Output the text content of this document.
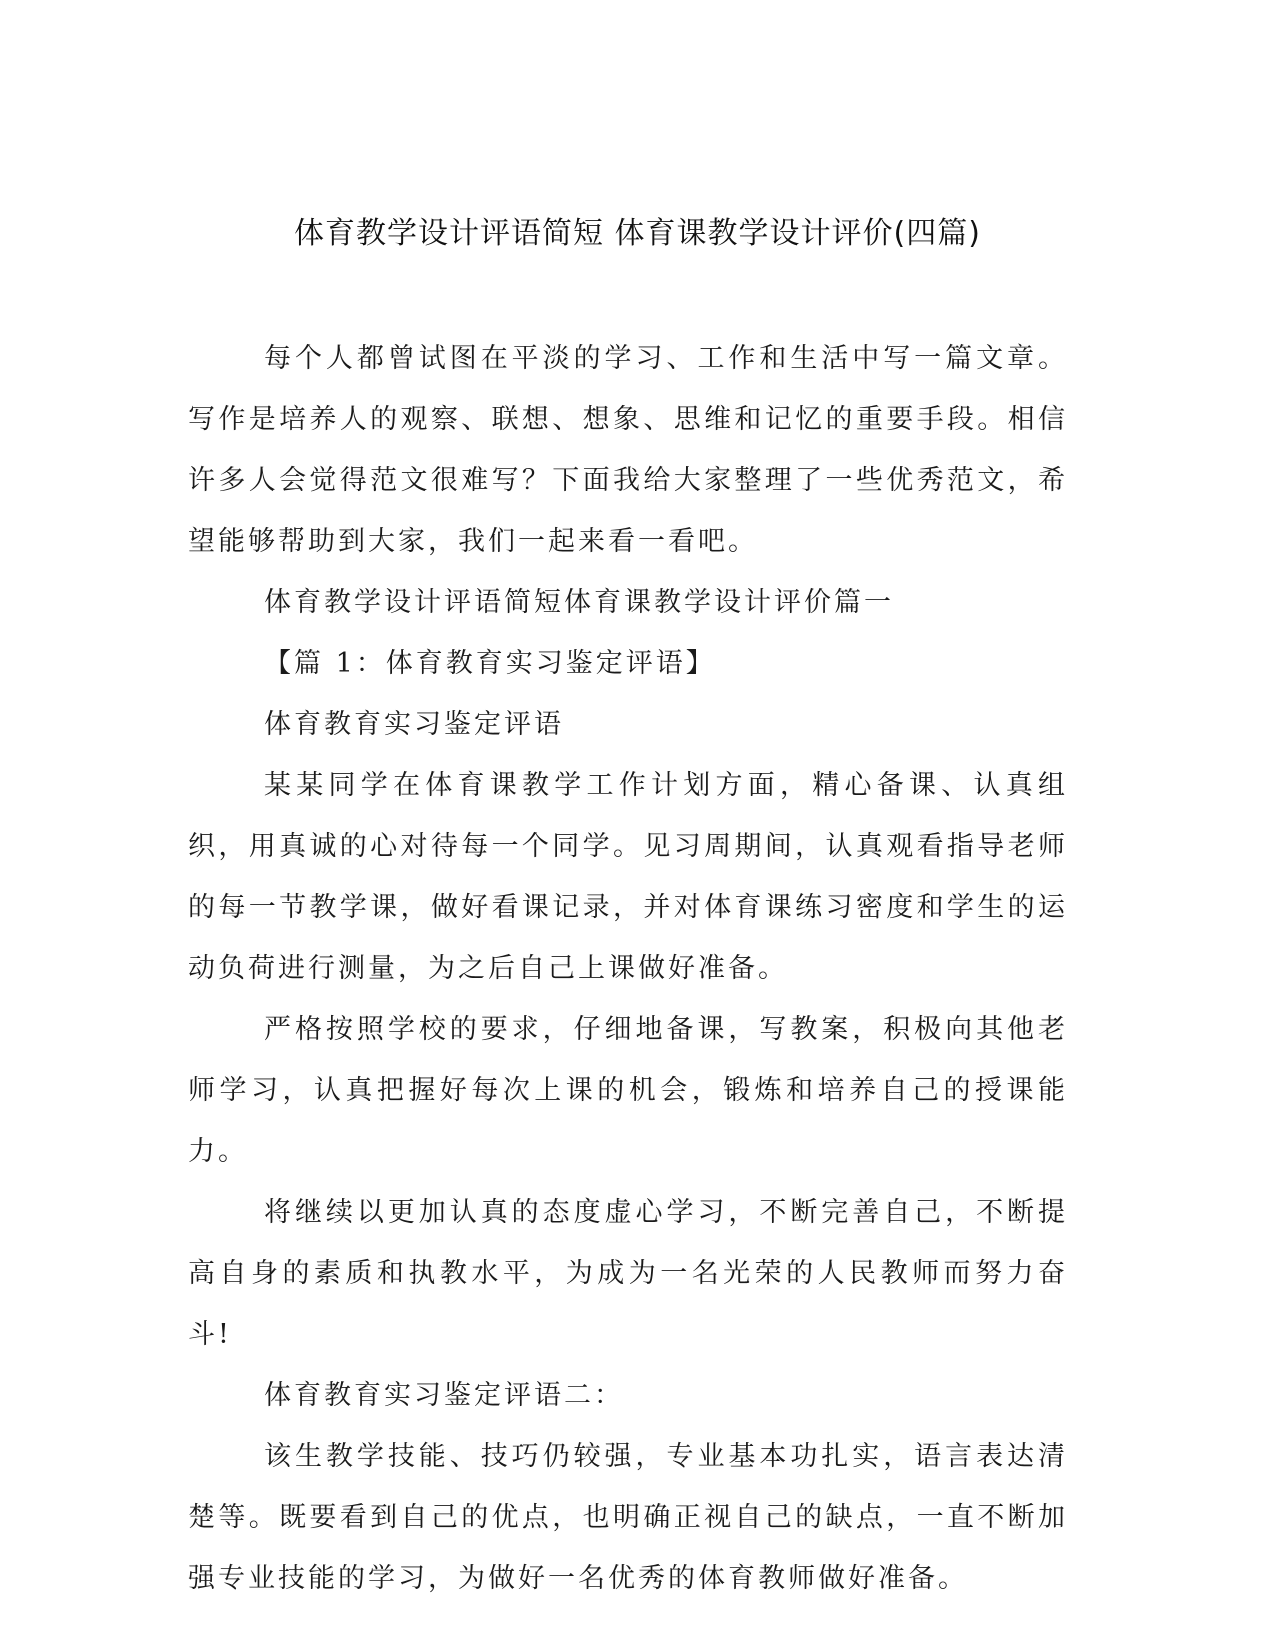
体育教学设计评语简短 体育课教学设计评价(四篇)

每个人都曾试图在平淡的学习、工作和生活中写一篇文章。写作是培养人的观察、联想、想象、思维和记忆的重要手段。相信许多人会觉得范文很难写？下面我给大家整理了一些优秀范文，希望能够帮助到大家，我们一起来看一看吧。

体育教学设计评语简短体育课教学设计评价篇一

【篇 1：体育教育实习鉴定评语】

体育教育实习鉴定评语

某某同学在体育课教学工作计划方面，精心备课、认真组织，用真诚的心对待每一个同学。见习周期间，认真观看指导老师的每一节教学课，做好看课记录，并对体育课练习密度和学生的运动负荷进行测量，为之后自己上课做好准备。

严格按照学校的要求，仔细地备课，写教案，积极向其他老师学习，认真把握好每次上课的机会，锻炼和培养自己的授课能力。

将继续以更加认真的态度虚心学习，不断完善自己，不断提高自身的素质和执教水平，为成为一名光荣的人民教师而努力奋斗!

体育教育实习鉴定评语二：

该生教学技能、技巧仍较强，专业基本功扎实，语言表达清楚等。既要看到自己的优点，也明确正视自己的缺点，一直不断加强专业技能的学习，为做好一名优秀的体育教师做好准备。
